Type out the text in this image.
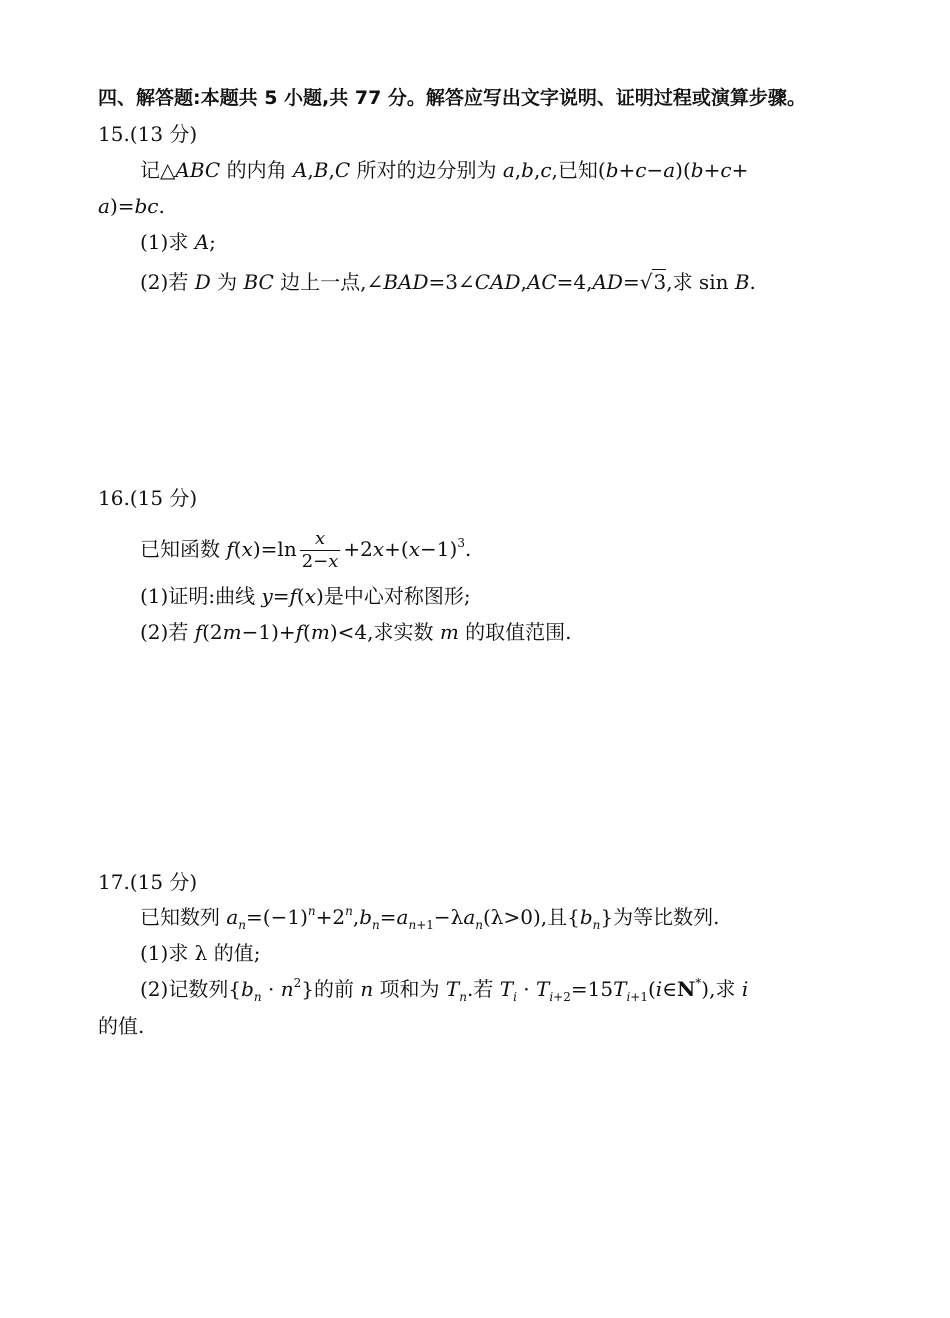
四、解答题:本题共 5 小题,共 77 分。解答应写出文字说明、证明过程或演算步骤。
15.(13 分)
记△ABC 的内角 A,B,C 所对的边分别为 a,b,c,已知(b+c−a)(b+c+
a)=bc.
(1)求 A;
(2)若 D 为 BC 边上一点,∠BAD=3∠CAD,AC=4,AD=√3,求 sin B.
16.(15 分)
已知函数 $f(x)=\ln \frac{x}{2-x} +2x+(x-1)^3$.
(1)证明:曲线 y=f(x)是中心对称图形;
(2)若 f(2m−1)+f(m)<4,求实数 m 的取值范围.
17.(15 分)
已知数列 $a_n=(-1)^n+2^n,b_n=a_{n+1}-\lambda a_n(\lambda>0)$,且$\{b_n\}$为等比数列.
(1)求 λ 的值;
(2)记数列$\{b_n \cdot n^2\}$的前 n 项和为 $T_n$.若 $T_i$ · $T_{i+2}=15T_{i+1}(i\in N^*)$,求 i
的值.
